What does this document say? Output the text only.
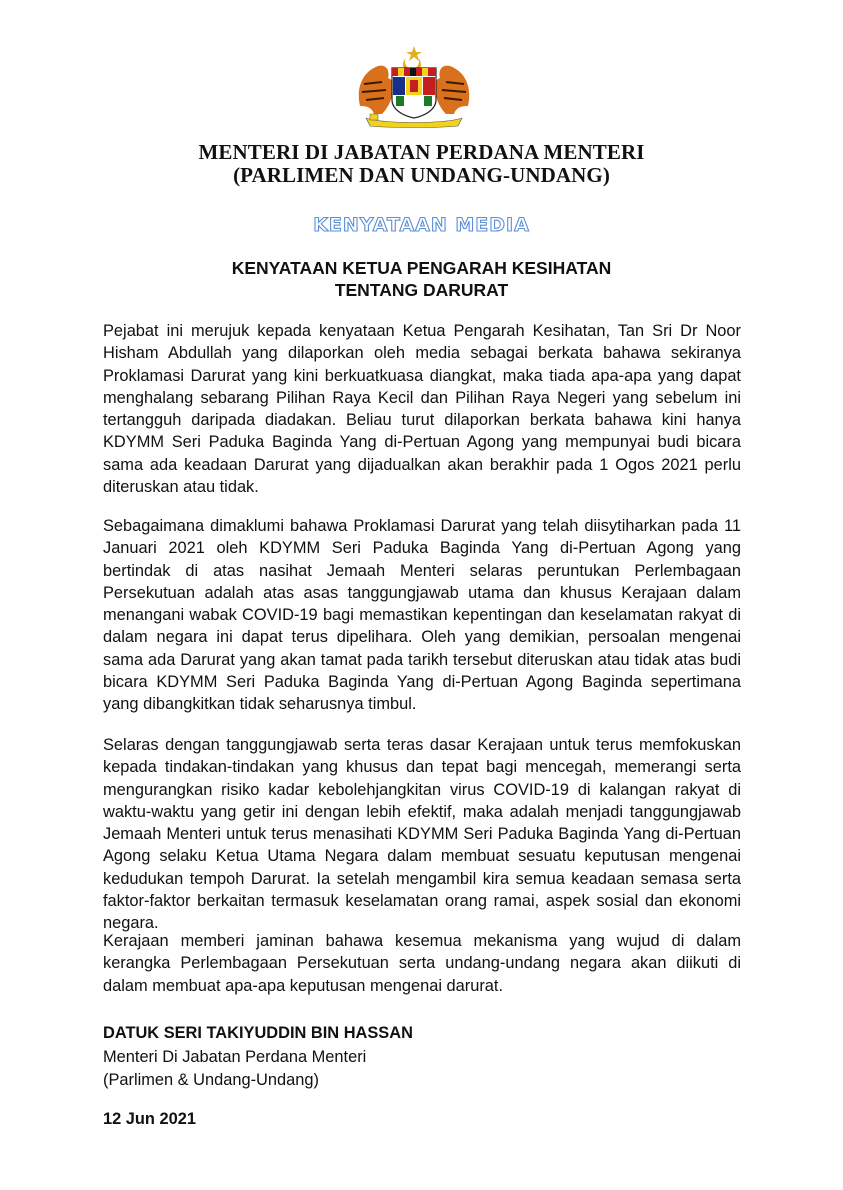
MENTERI DI JABATAN PERDANA MENTERI
(PARLIMEN DAN UNDANG-UNDANG)
KENYATAAN MEDIA
KENYATAAN KETUA PENGARAH KESIHATAN
TENTANG DARURAT

Pejabat ini merujuk kepada kenyataan Ketua Pengarah Kesihatan, Tan Sri Dr Noor Hisham Abdullah yang dilaporkan oleh media sebagai berkata bahawa sekiranya Proklamasi Darurat yang kini berkuatkuasa diangkat, maka tiada apa-apa yang dapat menghalang sebarang Pilihan Raya Kecil dan Pilihan Raya Negeri yang sebelum ini tertangguh daripada diadakan. Beliau turut dilaporkan berkata bahawa kini hanya KDYMM Seri Paduka Baginda Yang di-Pertuan Agong yang mempunyai budi bicara sama ada keadaan Darurat yang dijadualkan akan berakhir pada 1 Ogos 2021 perlu diteruskan atau tidak.

Sebagaimana dimaklumi bahawa Proklamasi Darurat yang telah diisytiharkan pada 11 Januari 2021 oleh KDYMM Seri Paduka Baginda Yang di-Pertuan Agong yang bertindak di atas nasihat Jemaah Menteri selaras peruntukan Perlembagaan Persekutuan adalah atas asas tanggungjawab utama dan khusus Kerajaan dalam menangani wabak COVID-19 bagi memastikan kepentingan dan keselamatan rakyat di dalam negara ini dapat terus dipelihara. Oleh yang demikian, persoalan mengenai sama ada Darurat yang akan tamat pada tarikh tersebut diteruskan atau tidak atas budi bicara KDYMM Seri Paduka Baginda Yang di-Pertuan Agong Baginda sepertimana yang dibangkitkan tidak seharusnya timbul.

Selaras dengan tanggungjawab serta teras dasar Kerajaan untuk terus memfokuskan kepada tindakan-tindakan yang khusus dan tepat bagi mencegah, memerangi serta mengurangkan risiko kadar kebolehjangkitan virus COVID-19 di kalangan rakyat di waktu-waktu yang getir ini dengan lebih efektif, maka adalah menjadi tanggungjawab Jemaah Menteri untuk terus menasihati KDYMM Seri Paduka Baginda Yang di-Pertuan Agong selaku Ketua Utama Negara dalam membuat sesuatu keputusan mengenai kedudukan tempoh Darurat. Ia setelah mengambil kira semua keadaan semasa serta faktor-faktor berkaitan termasuk keselamatan orang ramai, aspek sosial dan ekonomi negara.

Kerajaan memberi jaminan bahawa kesemua mekanisma yang wujud di dalam kerangka Perlembagaan Persekutuan serta undang-undang negara akan diikuti di dalam membuat apa-apa keputusan mengenai darurat.

DATUK SERI TAKIYUDDIN BIN HASSAN
Menteri Di Jabatan Perdana Menteri
(Parlimen & Undang-Undang)
12 Jun 2021
